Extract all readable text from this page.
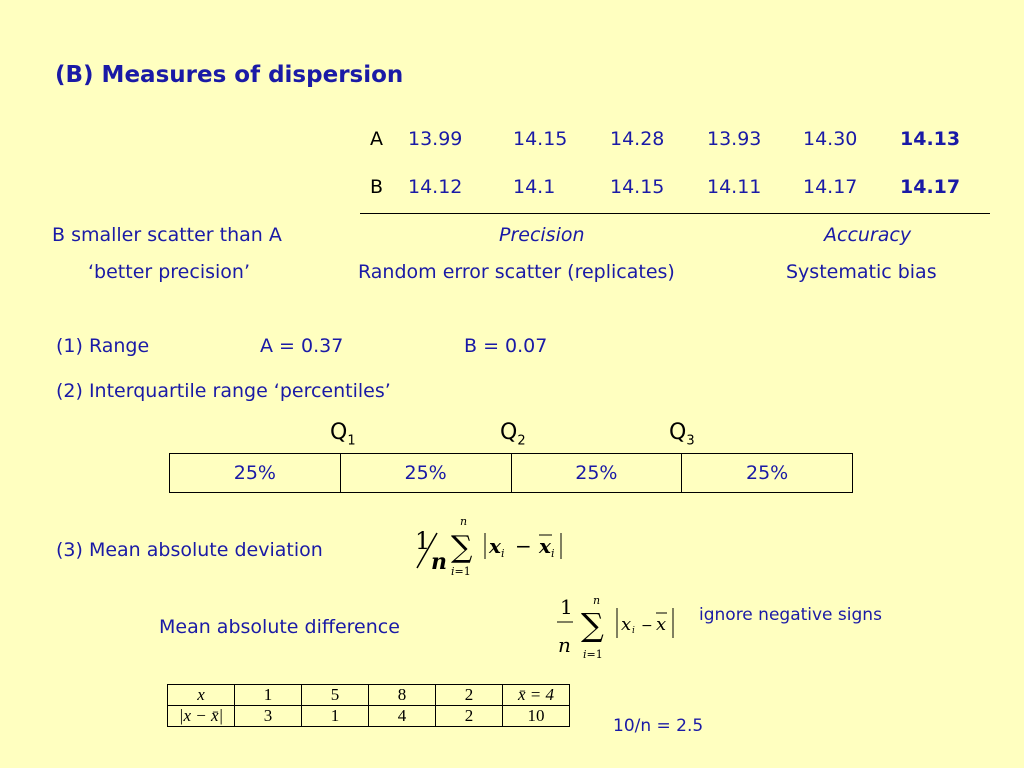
(B) Measures of dispersion
A 13.99	14.15 14.28 13.93 14.30 14.13
B 14.12	14.1	14.15 14.11 14.17 14.17
B smaller scatter than A
‘better precision’
Precision
Random error scatter (replicates)
Accuracy
Systematic bias
(1) Range	A = 0.37	B = 0.07
(2) Interquartile range ‘percentiles’
$Q_1$	$Q_2$	$Q_3$
25%	25%	25%	25%
(3) Mean absolute deviation	1
n
n
∑
i=1
x i − x i
Mean absolute difference
1
n
n
∑
i=1
x i − x ignore negative signs
x	1	5	8	2	x̄ = 4
|x − x̄|	3	1	4	2	10
10/n = 2.5
